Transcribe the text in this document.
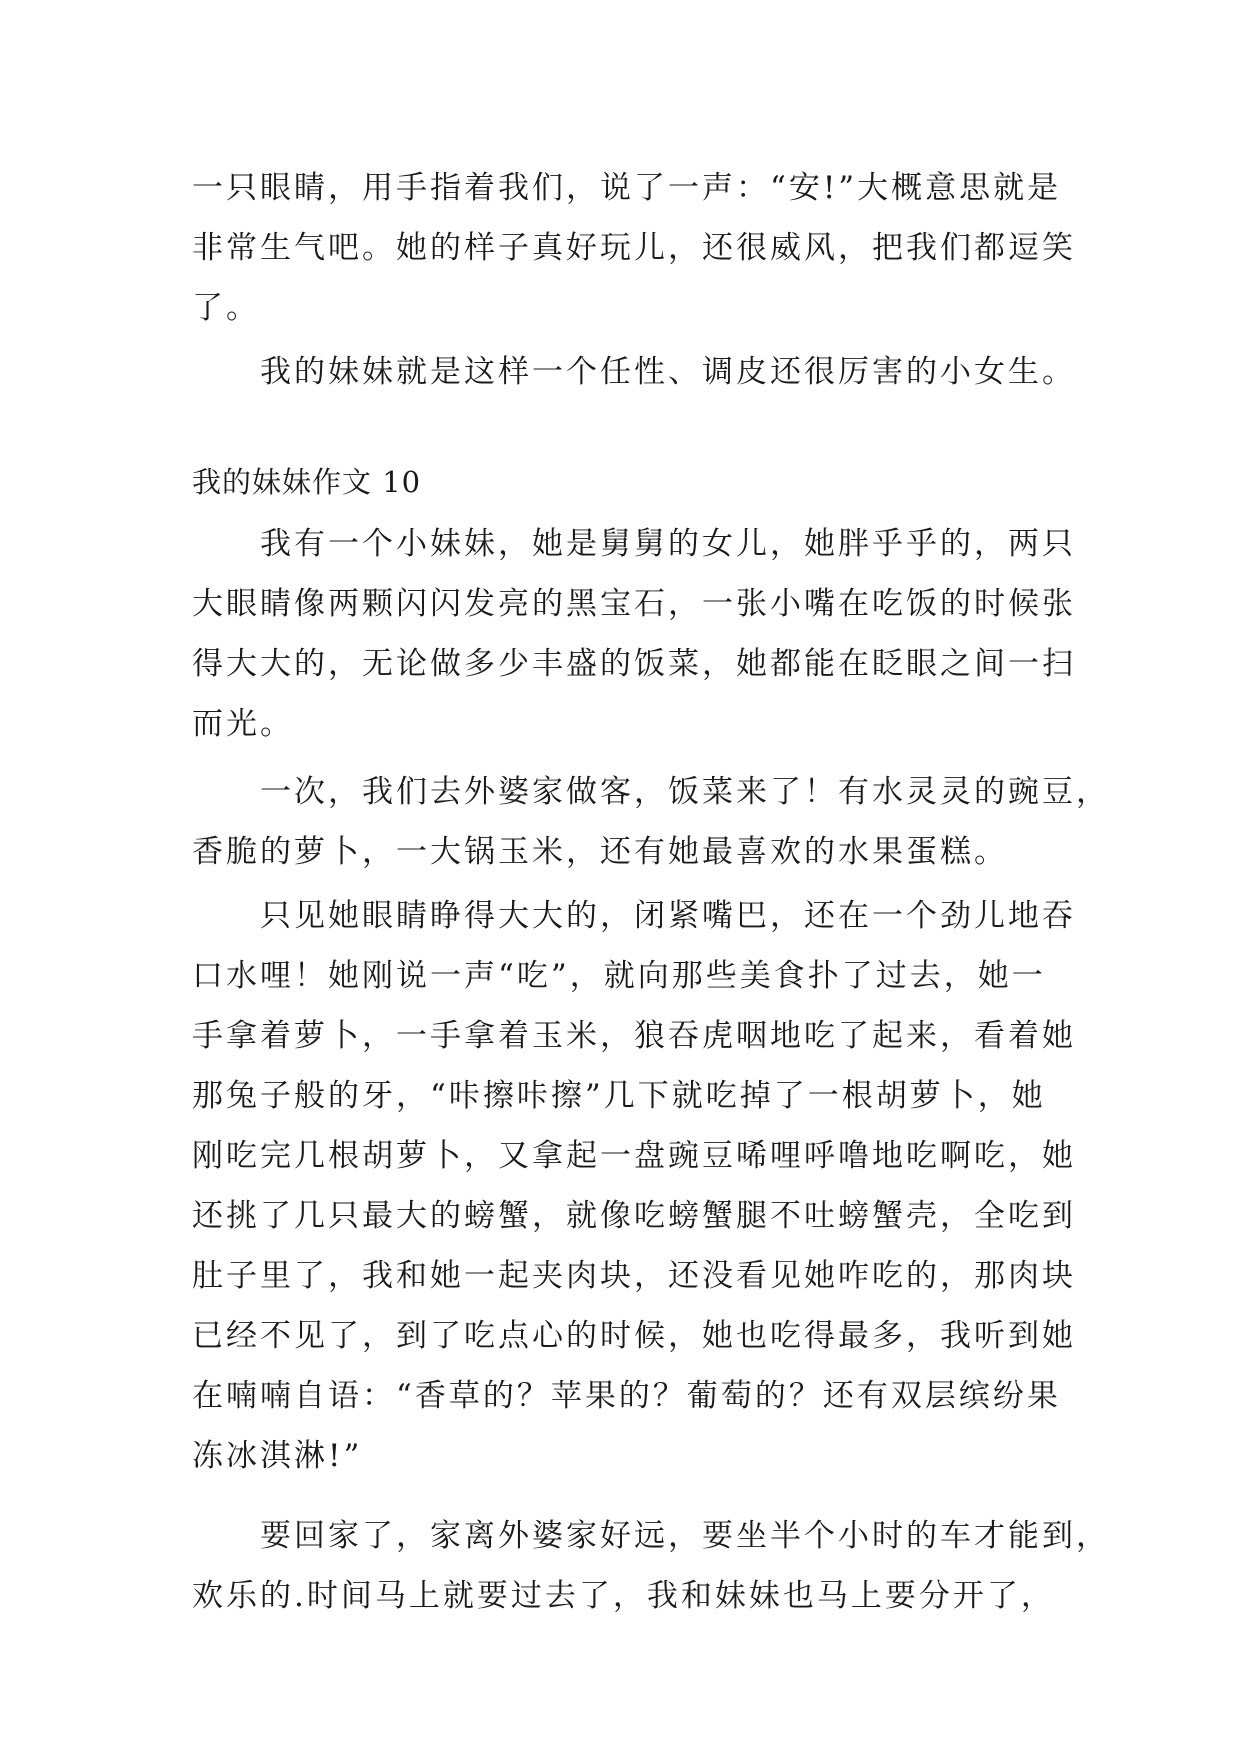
一只眼睛，用手指着我们，说了一声：“安!”大概意思就是
非常生气吧。她的样子真好玩儿，还很威风，把我们都逗笑
了。

　　我的妹妹就是这样一个任性、调皮还很厉害的小女生。

我的妹妹作文 10

　　我有一个小妹妹，她是舅舅的女儿，她胖乎乎的，两只
大眼睛像两颗闪闪发亮的黑宝石，一张小嘴在吃饭的时候张
得大大的，无论做多少丰盛的饭菜，她都能在眨眼之间一扫
而光。

　　一次，我们去外婆家做客，饭菜来了！有水灵灵的豌豆，
香脆的萝卜，一大锅玉米，还有她最喜欢的水果蛋糕。

　　只见她眼睛睁得大大的，闭紧嘴巴，还在一个劲儿地吞
口水哩！她刚说一声“吃”，就向那些美食扑了过去，她一
手拿着萝卜，一手拿着玉米，狼吞虎咽地吃了起来，看着她
那兔子般的牙，“咔擦咔擦”几下就吃掉了一根胡萝卜，她
刚吃完几根胡萝卜，又拿起一盘豌豆唏哩呼噜地吃啊吃，她
还挑了几只最大的螃蟹，就像吃螃蟹腿不吐螃蟹壳，全吃到
肚子里了，我和她一起夹肉块，还没看见她咋吃的，那肉块
已经不见了，到了吃点心的时候，她也吃得最多，我听到她
在喃喃自语：“香草的？苹果的？葡萄的？还有双层缤纷果
冻冰淇淋!”

　　要回家了，家离外婆家好远，要坐半个小时的车才能到，
欢乐的.时间马上就要过去了，我和妹妹也马上要分开了，
